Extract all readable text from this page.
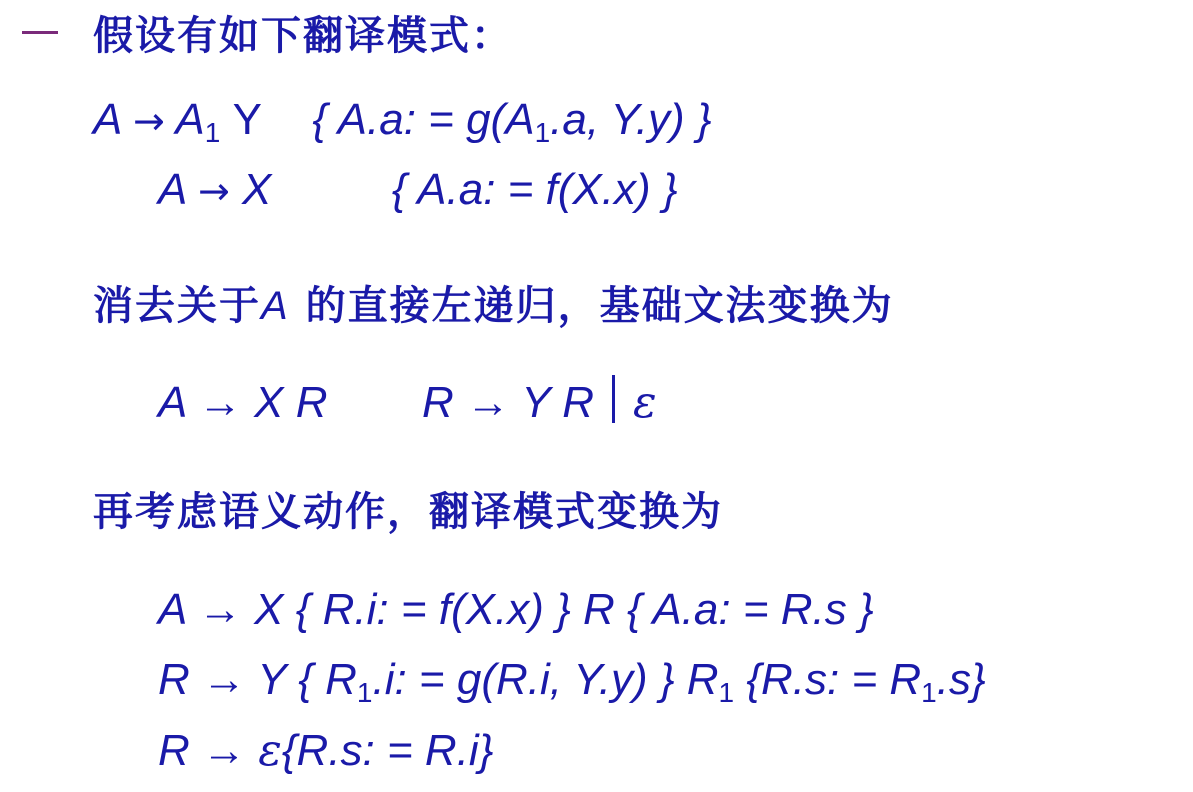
假设有如下翻译模式：
$A \to A_1$ Y { A.a: = $g(A_1.a$, Y.y) }
A → X	{ A.a: = f(X.x) }
消去关于A 的直接左递归，基础文法变换为
A → X R R → Y R ε
再考虑语义动作，翻译模式变换为
A → X { R.i: = f(X.x) } R { A.a: = R.s }
R → Y { $R_1.i$: = g(R.i, Y.y) } $R_1$ {R.s: = $R_1.s$}
R → ε{R.s: = R.i}
